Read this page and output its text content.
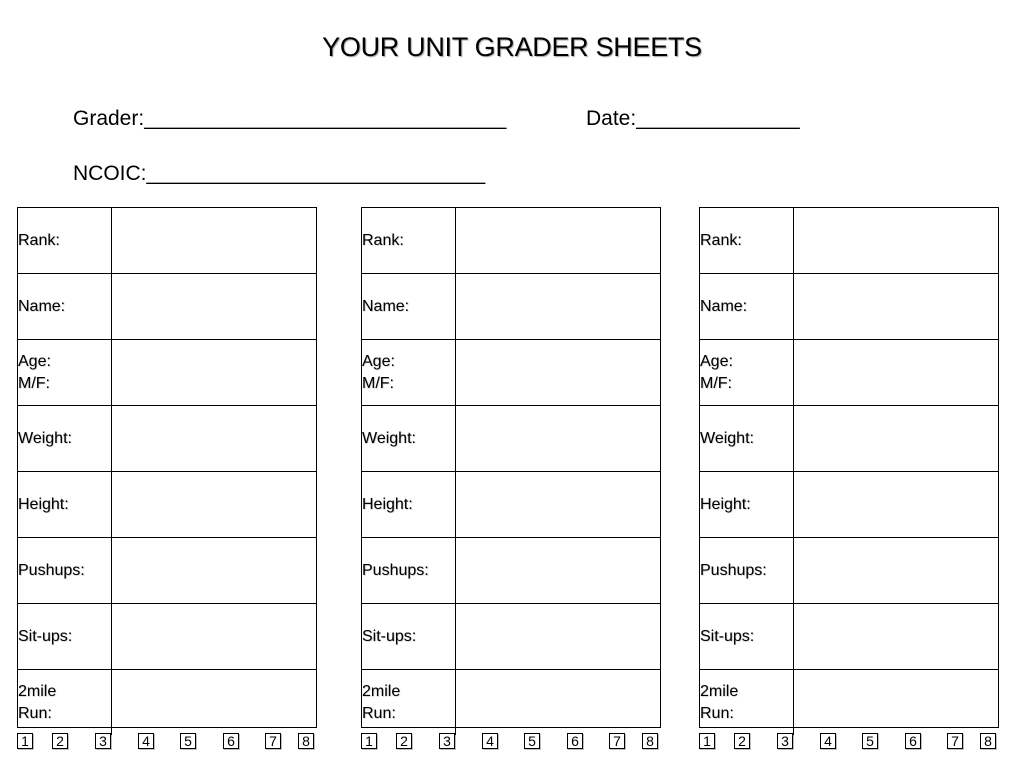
YOUR UNIT GRADER SHEETS
Grader:_______________________________	Date:______________
NCOIC:_____________________________
Rank:	

Name:	

Age:
M/F:	

Weight:	

Height:	

Pushups:	

Sit-ups:	

2mile
Run:	

1 2	3	4 5	6 7 8
Rank:	

Name:	

Age:
M/F:	

Weight:	

Height:	

Pushups:	

Sit-ups:	

2mile
Run:	

1 2	3	4 5	6 7 8
Rank:	

Name:	

Age:
M/F:	

Weight:	

Height:	

Pushups:	

Sit-ups:	

2mile
Run:	

1 2	3	4 5	6 7 8
